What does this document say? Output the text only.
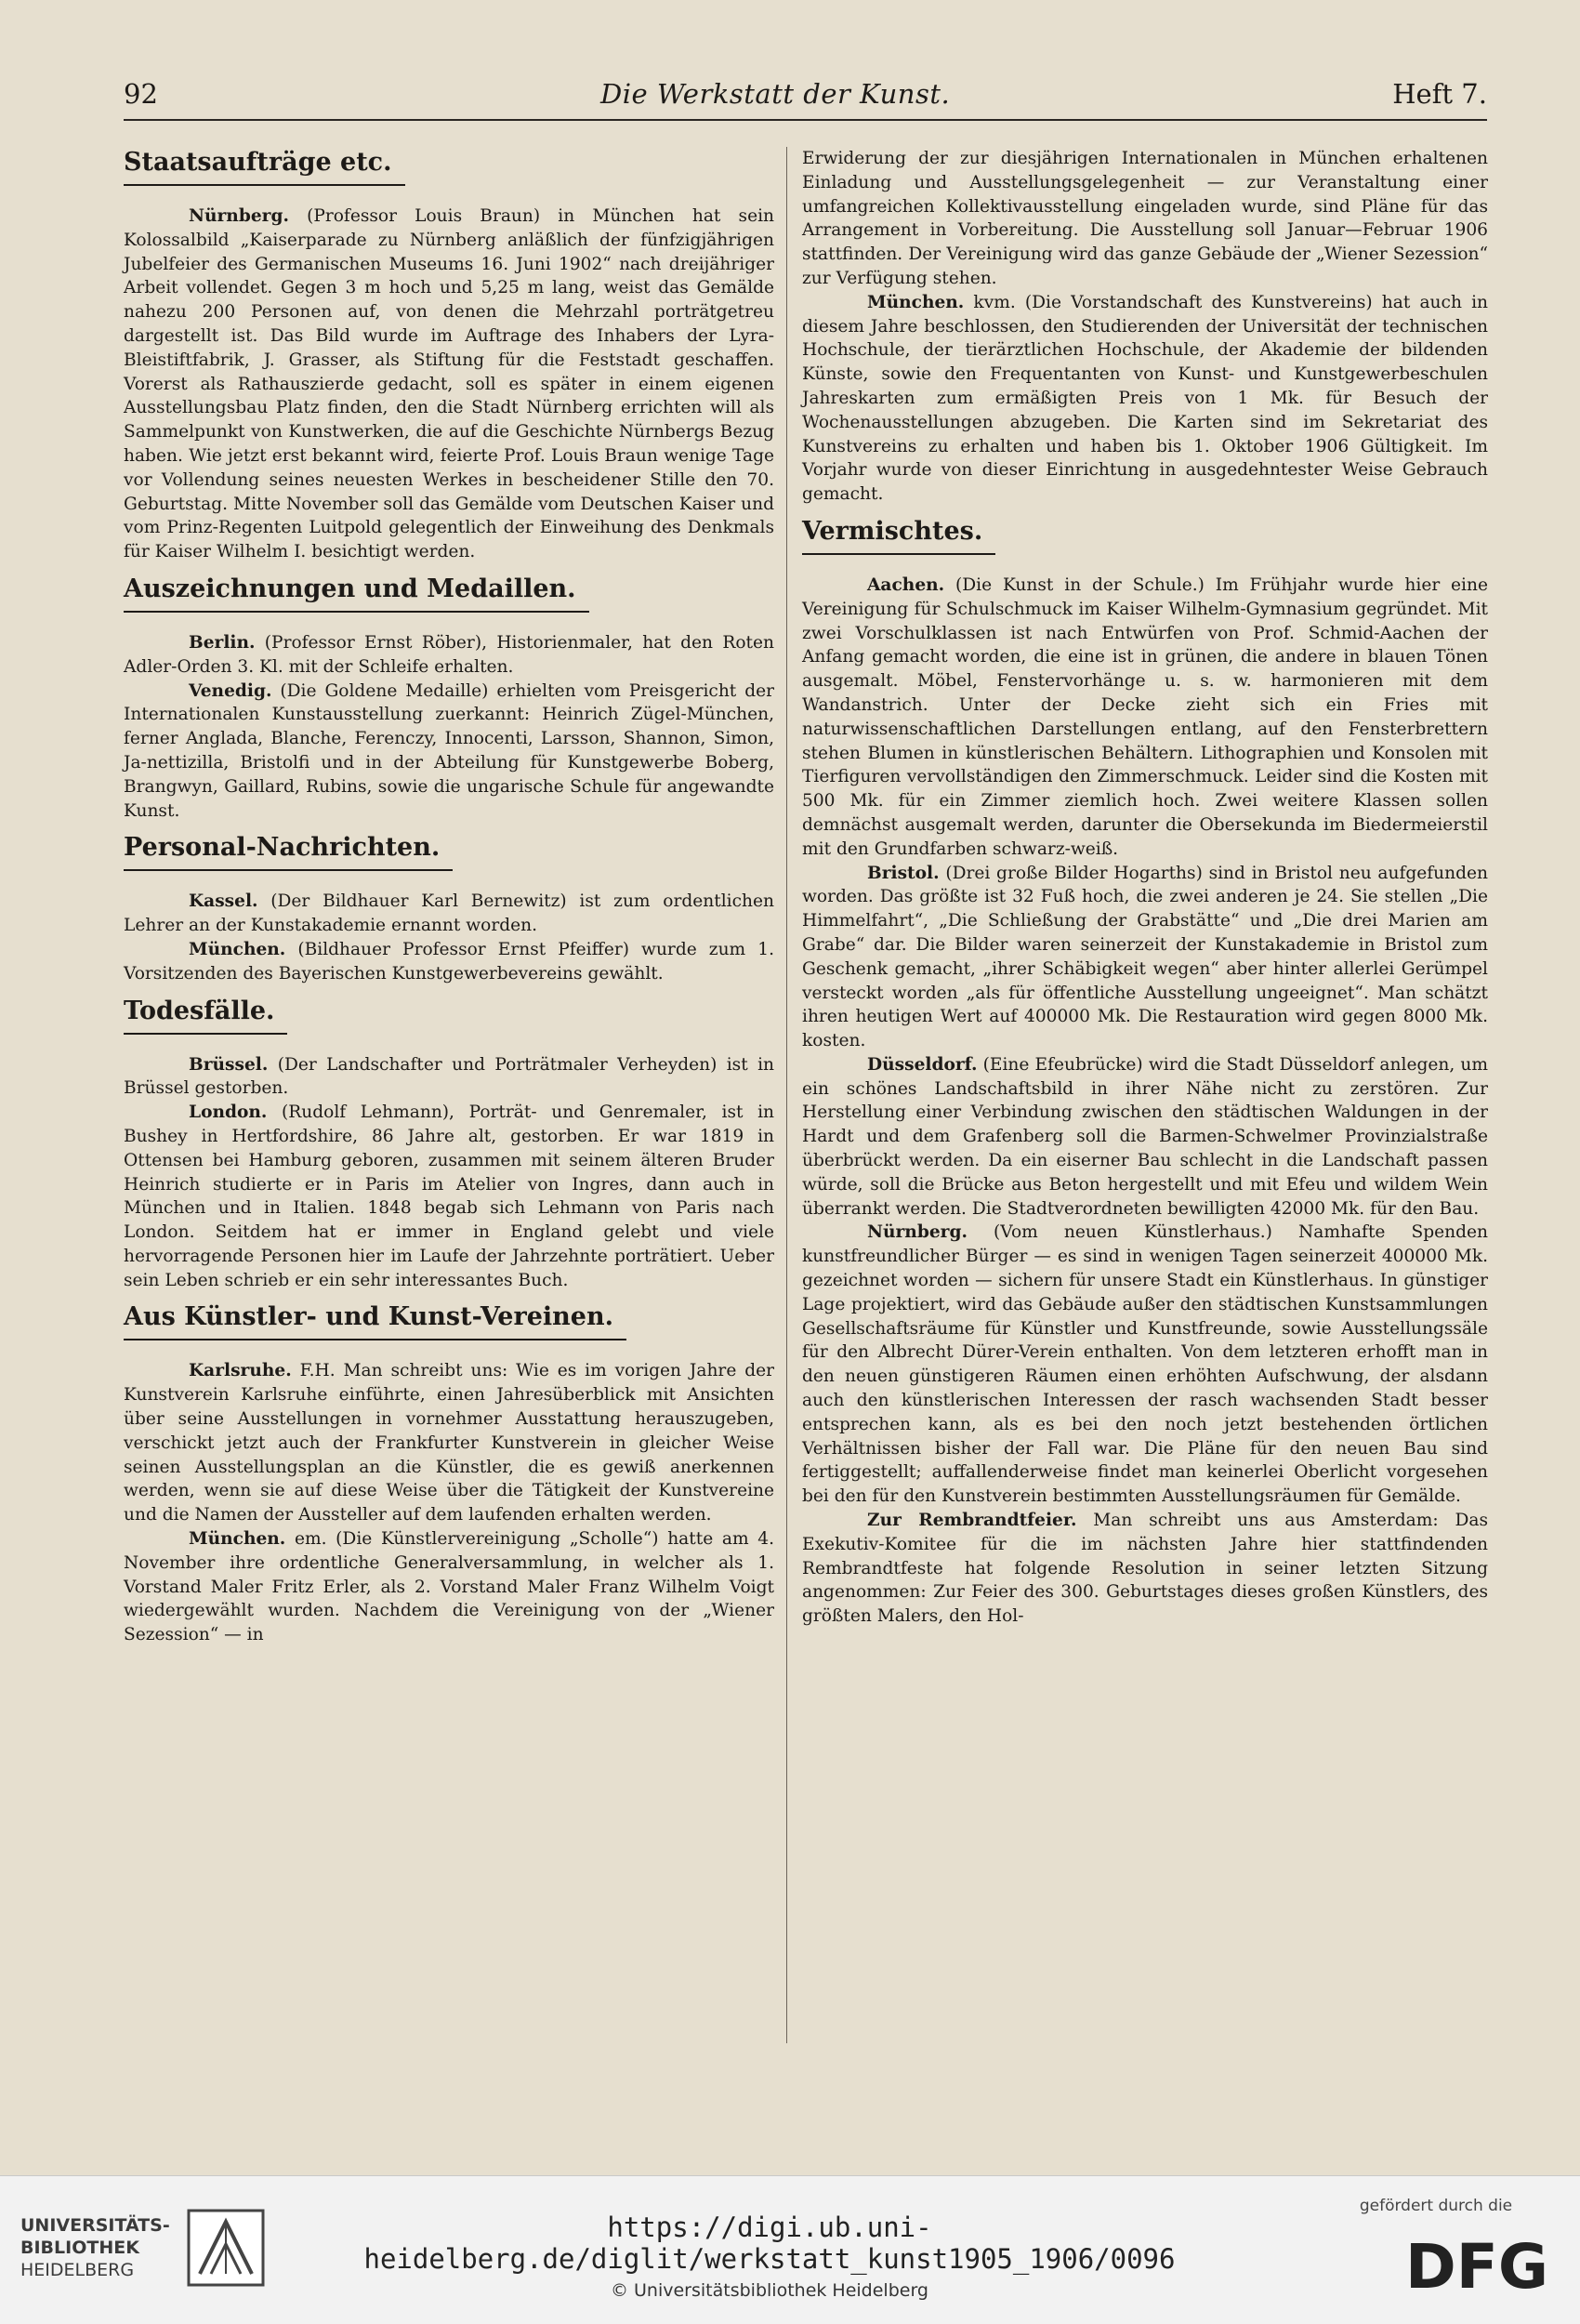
92	Die Werkstatt der Kunst.	Heft 7.
Staatsaufträge etc.

Nürnberg. (Professor Louis Braun) in München hat sein Kolossalbild „Kaiserparade zu Nürnberg anläßlich der fünfzigjährigen Jubelfeier des Germanischen Museums 16. Juni 1902“ nach dreijähriger Arbeit vollendet. Gegen 3 m hoch und 5,25 m lang, weist das Gemälde nahezu 200 Personen auf, von denen die Mehrzahl porträtgetreu dargestellt ist. Das Bild wurde im Auftrage des Inhabers der Lyra-Bleistiftfabrik, J. Grasser, als Stiftung für die Feststadt geschaffen. Vorerst als Rathauszierde gedacht, soll es später in einem eigenen Ausstellungsbau Platz finden, den die Stadt Nürnberg errichten will als Sammelpunkt von Kunstwerken, die auf die Geschichte Nürnbergs Bezug haben. Wie jetzt erst bekannt wird, feierte Prof. Louis Braun wenige Tage vor Vollendung seines neuesten Werkes in bescheidener Stille den 70. Geburtstag. Mitte November soll das Gemälde vom Deutschen Kaiser und vom Prinz-Regenten Luitpold gelegentlich der Einweihung des Denkmals für Kaiser Wilhelm I. besichtigt werden.

Auszeichnungen und Medaillen.

Berlin. (Professor Ernst Röber), Historienmaler, hat den Roten Adler-Orden 3. Kl. mit der Schleife erhalten.

Venedig. (Die Goldene Medaille) erhielten vom Preisgericht der Internationalen Kunstausstellung zuerkannt: Heinrich Zügel-München, ferner Anglada, Blanche, Ferenczy, Innocenti, Larsson, Shannon, Simon, Ja-nettizilla, Bristolfi und in der Abteilung für Kunstgewerbe Boberg, Brangwyn, Gaillard, Rubins, sowie die ungarische Schule für angewandte Kunst.

Personal-Nachrichten.

Kassel. (Der Bildhauer Karl Bernewitz) ist zum ordentlichen Lehrer an der Kunstakademie ernannt worden.

München. (Bildhauer Professor Ernst Pfeiffer) wurde zum 1. Vorsitzenden des Bayerischen Kunstgewerbevereins gewählt.

Todesfälle.

Brüssel. (Der Landschafter und Porträtmaler Verheyden) ist in Brüssel gestorben.

London. (Rudolf Lehmann), Porträt- und Genremaler, ist in Bushey in Hertfordshire, 86 Jahre alt, gestorben. Er war 1819 in Ottensen bei Hamburg geboren, zusammen mit seinem älteren Bruder Heinrich studierte er in Paris im Atelier von Ingres, dann auch in München und in Italien. 1848 begab sich Lehmann von Paris nach London. Seitdem hat er immer in England gelebt und viele hervorragende Personen hier im Laufe der Jahrzehnte porträtiert. Ueber sein Leben schrieb er ein sehr interessantes Buch.

Aus Künstler- und Kunst-Vereinen.

Karlsruhe. F.H. Man schreibt uns: Wie es im vorigen Jahre der Kunstverein Karlsruhe einführte, einen Jahresüberblick mit Ansichten über seine Ausstellungen in vornehmer Ausstattung herauszugeben, verschickt jetzt auch der Frankfurter Kunstverein in gleicher Weise seinen Ausstellungsplan an die Künstler, die es gewiß anerkennen werden, wenn sie auf diese Weise über die Tätigkeit der Kunstvereine und die Namen der Aussteller auf dem laufenden erhalten werden.

München. em. (Die Künstlervereinigung „Scholle“) hatte am 4. November ihre ordentliche Generalversammlung, in welcher als 1. Vorstand Maler Fritz Erler, als 2. Vorstand Maler Franz Wilhelm Voigt wiedergewählt wurden. Nachdem die Vereinigung von der „Wiener Sezession“ — in

Erwiderung der zur diesjährigen Internationalen in München erhaltenen Einladung und Ausstellungsgelegenheit — zur Veranstaltung einer umfangreichen Kollektivausstellung eingeladen wurde, sind Pläne für das Arrangement in Vorbereitung. Die Ausstellung soll Januar—Februar 1906 stattfinden. Der Vereinigung wird das ganze Gebäude der „Wiener Sezession“ zur Verfügung stehen.

München. kvm. (Die Vorstandschaft des Kunstvereins) hat auch in diesem Jahre beschlossen, den Studierenden der Universität der technischen Hochschule, der tierärztlichen Hochschule, der Akademie der bildenden Künste, sowie den Frequentanten von Kunst- und Kunstgewerbeschulen Jahreskarten zum ermäßigten Preis von 1 Mk. für Besuch der Wochenausstellungen abzugeben. Die Karten sind im Sekretariat des Kunstvereins zu erhalten und haben bis 1. Oktober 1906 Gültigkeit. Im Vorjahr wurde von dieser Einrichtung in ausgedehntester Weise Gebrauch gemacht.

Vermischtes.

Aachen. (Die Kunst in der Schule.) Im Frühjahr wurde hier eine Vereinigung für Schulschmuck im Kaiser Wilhelm-Gymnasium gegründet. Mit zwei Vorschulklassen ist nach Entwürfen von Prof. Schmid-Aachen der Anfang gemacht worden, die eine ist in grünen, die andere in blauen Tönen ausgemalt. Möbel, Fenstervorhänge u. s. w. harmonieren mit dem Wandanstrich. Unter der Decke zieht sich ein Fries mit naturwissenschaftlichen Darstellungen entlang, auf den Fensterbrettern stehen Blumen in künstlerischen Behältern. Lithographien und Konsolen mit Tierfiguren vervollständigen den Zimmerschmuck. Leider sind die Kosten mit 500 Mk. für ein Zimmer ziemlich hoch. Zwei weitere Klassen sollen demnächst ausgemalt werden, darunter die Obersekunda im Biedermeierstil mit den Grundfarben schwarz-weiß.

Bristol. (Drei große Bilder Hogarths) sind in Bristol neu aufgefunden worden. Das größte ist 32 Fuß hoch, die zwei anderen je 24. Sie stellen „Die Himmelfahrt“, „Die Schließung der Grabstätte“ und „Die drei Marien am Grabe“ dar. Die Bilder waren seinerzeit der Kunstakademie in Bristol zum Geschenk gemacht, „ihrer Schäbigkeit wegen“ aber hinter allerlei Gerümpel versteckt worden „als für öffentliche Ausstellung ungeeignet“. Man schätzt ihren heutigen Wert auf 400000 Mk. Die Restauration wird gegen 8000 Mk. kosten.

Düsseldorf. (Eine Efeubrücke) wird die Stadt Düsseldorf anlegen, um ein schönes Landschaftsbild in ihrer Nähe nicht zu zerstören. Zur Herstellung einer Verbindung zwischen den städtischen Waldungen in der Hardt und dem Grafenberg soll die Barmen-Schwelmer Provinzialstraße überbrückt werden. Da ein eiserner Bau schlecht in die Landschaft passen würde, soll die Brücke aus Beton hergestellt und mit Efeu und wildem Wein überrankt werden. Die Stadtverordneten bewilligten 42000 Mk. für den Bau.

Nürnberg. (Vom neuen Künstlerhaus.) Namhafte Spenden kunstfreundlicher Bürger — es sind in wenigen Tagen seinerzeit 400000 Mk. gezeichnet worden — sichern für unsere Stadt ein Künstlerhaus. In günstiger Lage projektiert, wird das Gebäude außer den städtischen Kunstsammlungen Gesellschaftsräume für Künstler und Kunstfreunde, sowie Ausstellungssäle für den Albrecht Dürer-Verein enthalten. Von dem letzteren erhofft man in den neuen günstigeren Räumen einen erhöhten Aufschwung, der alsdann auch den künstlerischen Interessen der rasch wachsenden Stadt besser entsprechen kann, als es bei den noch jetzt bestehenden örtlichen Verhältnissen bisher der Fall war. Die Pläne für den neuen Bau sind fertiggestellt; auffallenderweise findet man keinerlei Oberlicht vorgesehen bei den für den Kunstverein bestimmten Ausstellungsräumen für Gemälde.

Zur Rembrandtfeier. Man schreibt uns aus Amsterdam: Das Exekutiv-Komitee für die im nächsten Jahre hier stattfindenden Rembrandtfeste hat folgende Resolution in seiner letzten Sitzung angenommen: Zur Feier des 300. Geburtstages dieses großen Künstlers, des größten Malers, den Hol-

UNIVERSITÄTS-
BIBLIOTHEK
HEIDELBERG
https://digi.ub.uni-heidelberg.de/diglit/werkstatt_kunst1905_1906/0096
© Universitätsbibliothek Heidelberg
gefördert durch die
DFG
